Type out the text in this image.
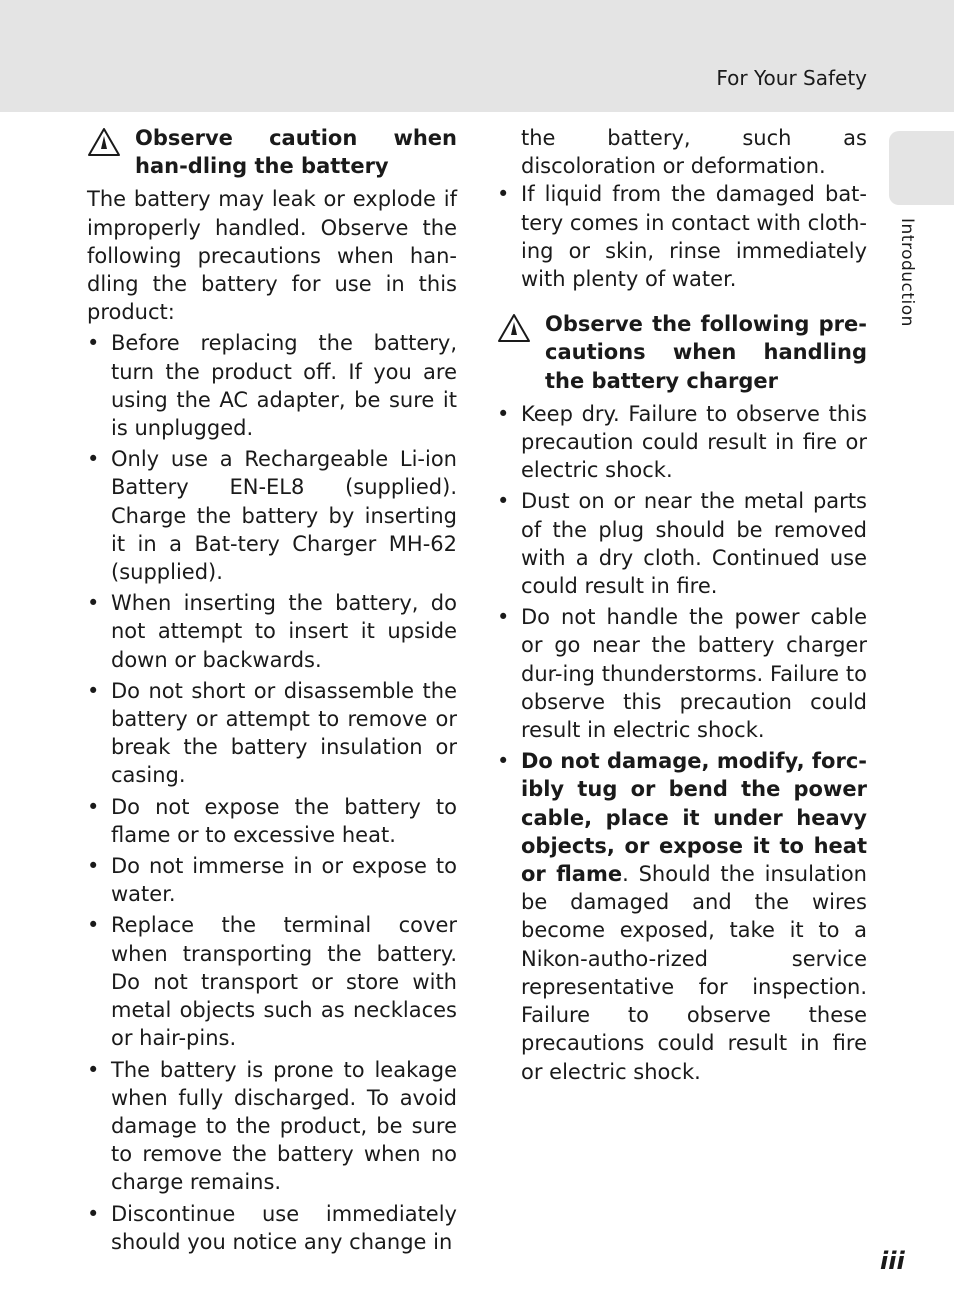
For Your Safety
Introduction
Observe caution when han-dling the battery

The battery may leak or explode if improperly handled. Observe the following precautions when han-dling the battery for use in this product:

• Before replacing the battery, turn the product off. If you are using the AC adapter, be sure it is unplugged.
• Only use a Rechargeable Li-ion Battery EN-EL8 (supplied). Charge the battery by inserting it in a Bat-tery Charger MH-62 (supplied).
• When inserting the battery, do not attempt to insert it upside down or backwards.
• Do not short or disassemble the battery or attempt to remove or break the battery insulation or casing.
• Do not expose the battery to flame or to excessive heat.
• Do not immerse in or expose to water.
• Replace the terminal cover when transporting the battery. Do not transport or store with metal objects such as necklaces or hair-pins.
• The battery is prone to leakage when fully discharged. To avoid damage to the product, be sure to remove the battery when no charge remains.
• Discontinue use immediately should you notice any change in

the battery, such as discoloration or deformation.

• If liquid from the damaged bat-tery comes in contact with cloth-ing or skin, rinse immediately with plenty of water.
Observe the following pre-cautions when handling the battery charger
• Keep dry. Failure to observe this precaution could result in fire or electric shock.
• Dust on or near the metal parts of the plug should be removed with a dry cloth. Continued use could result in fire.
• Do not handle the power cable or go near the battery charger dur-ing thunderstorms. Failure to observe this precaution could result in electric shock.
• Do not damage, modify, forc-ibly tug or bend the power cable, place it under heavy objects, or expose it to heat or flame. Should the insulation be damaged and the wires become exposed, take it to a Nikon-autho-rized service representative for inspection. Failure to observe these precautions could result in fire or electric shock.
iii
